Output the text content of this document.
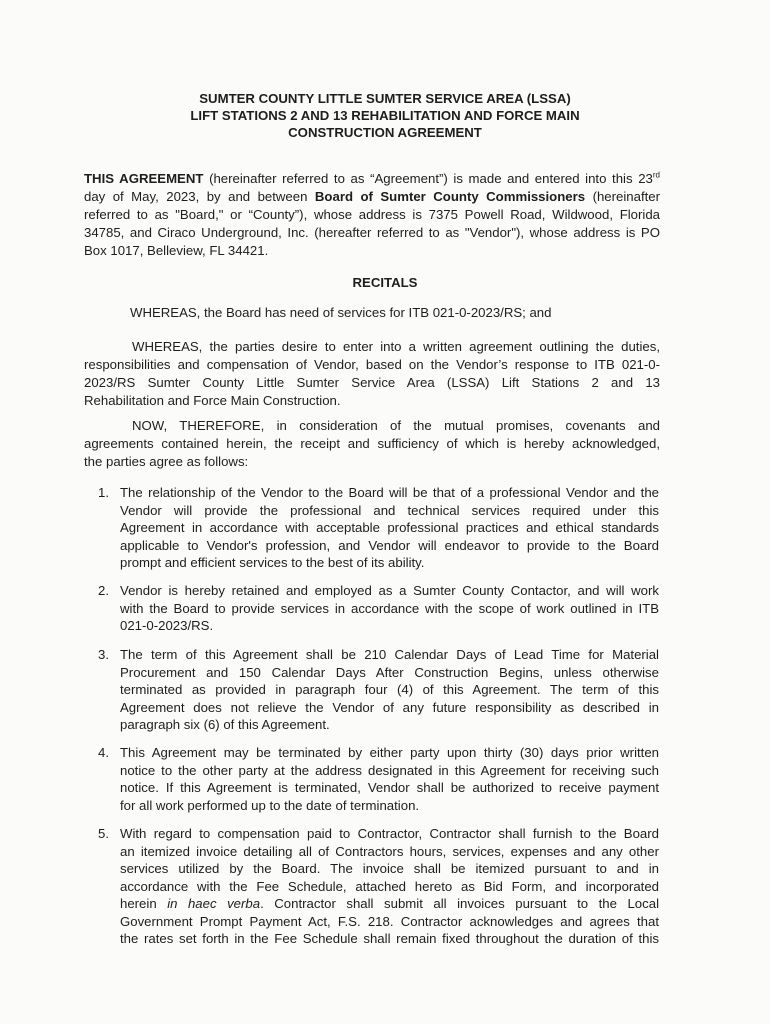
SUMTER COUNTY LITTLE SUMTER SERVICE AREA (LSSA)
LIFT STATIONS 2 AND 13 REHABILITATION AND FORCE MAIN
CONSTRUCTION AGREEMENT
THIS AGREEMENT (hereinafter referred to as “Agreement”) is made and entered into this 23rd
day of May, 2023, by and between Board of Sumter County Commissioners (hereinafter
referred to as "Board," or “County”), whose address is 7375 Powell Road, Wildwood, Florida
34785, and Ciraco Underground, Inc. (hereafter referred to as "Vendor"), whose address is PO
Box 1017, Belleview, FL 34421.
RECITALS
WHEREAS, the Board has need of services for ITB 021-0-2023/RS; and
WHEREAS, the parties desire to enter into a written agreement outlining the duties,
responsibilities and compensation of Vendor, based on the Vendor’s response to ITB 021-0-
2023/RS Sumter County Little Sumter Service Area (LSSA) Lift Stations 2 and 13
Rehabilitation and Force Main Construction.
NOW, THEREFORE, in consideration of the mutual promises, covenants and
agreements contained herein, the receipt and sufficiency of which is hereby acknowledged,
the parties agree as follows:
1. The relationship of the Vendor to the Board will be that of a professional Vendor and the
Vendor will provide the professional and technical services required under this
Agreement in accordance with acceptable professional practices and ethical standards
applicable to Vendor's profession, and Vendor will endeavor to provide to the Board
prompt and efficient services to the best of its ability.
2. Vendor is hereby retained and employed as a Sumter County Contactor, and will work
with the Board to provide services in accordance with the scope of work outlined in ITB
021-0-2023/RS.
3. The term of this Agreement shall be 210 Calendar Days of Lead Time for Material
Procurement and 150 Calendar Days After Construction Begins, unless otherwise
terminated as provided in paragraph four (4) of this Agreement. The term of this
Agreement does not relieve the Vendor of any future responsibility as described in
paragraph six (6) of this Agreement.
4. This Agreement may be terminated by either party upon thirty (30) days prior written
notice to the other party at the address designated in this Agreement for receiving such
notice. If this Agreement is terminated, Vendor shall be authorized to receive payment
for all work performed up to the date of termination.
5. With regard to compensation paid to Contractor, Contractor shall furnish to the Board
an itemized invoice detailing all of Contractors hours, services, expenses and any other
services utilized by the Board. The invoice shall be itemized pursuant to and in
accordance with the Fee Schedule, attached hereto as Bid Form, and incorporated
herein in haec verba. Contractor shall submit all invoices pursuant to the Local
Government Prompt Payment Act, F.S. 218. Contractor acknowledges and agrees that
the rates set forth in the Fee Schedule shall remain fixed throughout the duration of this
